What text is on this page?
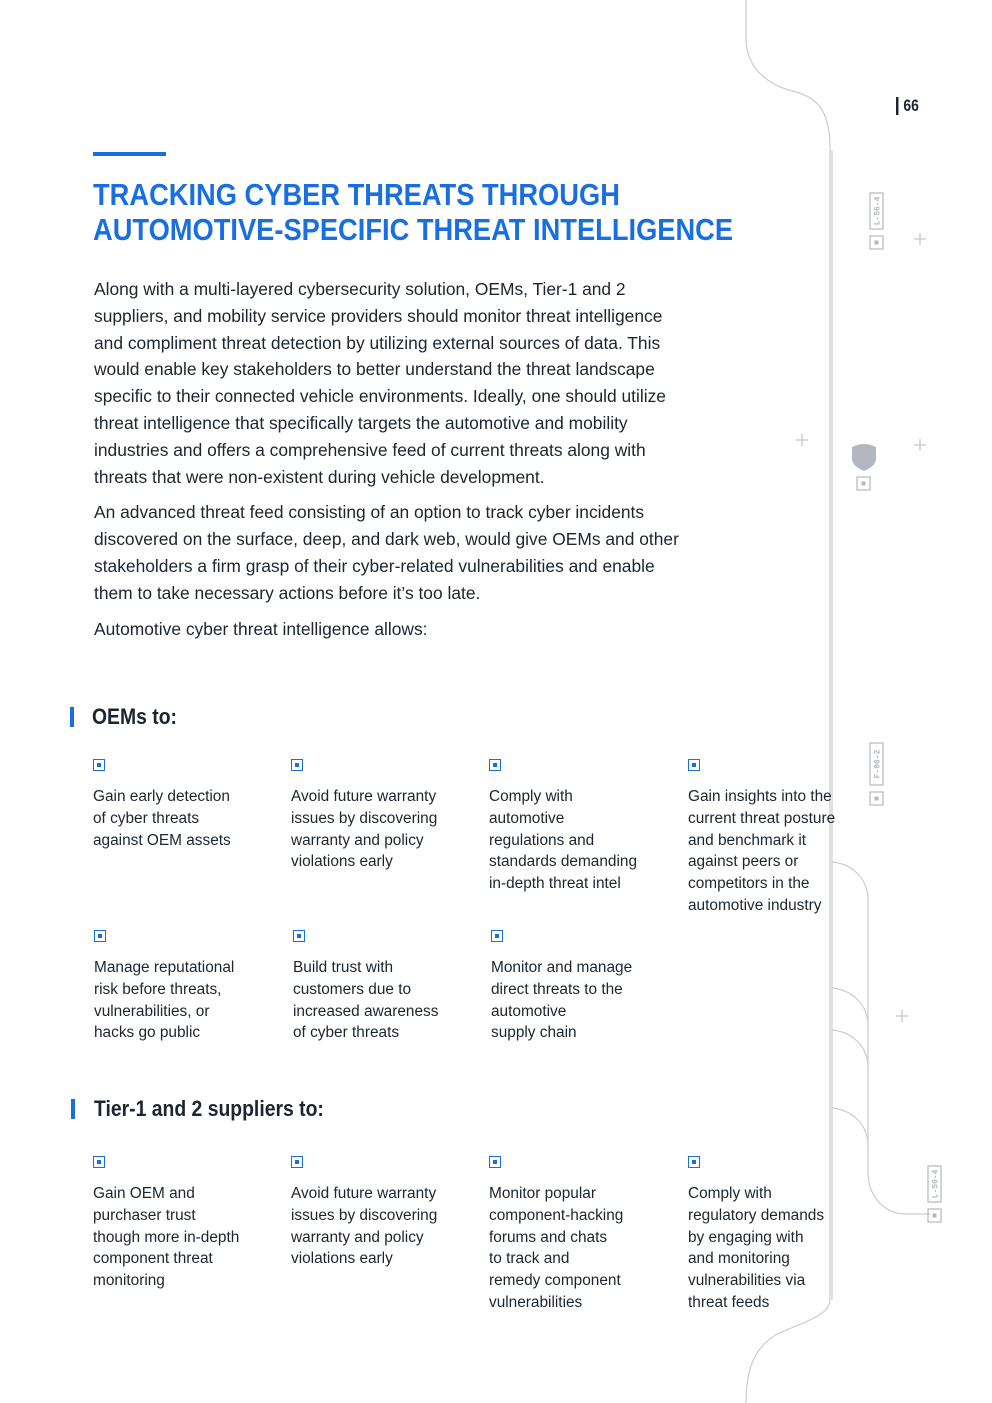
L-56-4
F-06-2
L-56-4
66
TRACKING CYBER THREATS THROUGH
AUTOMOTIVE-SPECIFIC THREAT INTELLIGENCE

Along with a multi-layered cybersecurity solution, OEMs, Tier-1 and 2 suppliers, and mobility service providers should monitor threat intelligence and compliment threat detection by utilizing external sources of data. This would enable key stakeholders to better understand the threat landscape specific to their connected vehicle environments. Ideally, one should utilize threat intelligence that specifically targets the automotive and mobility industries and offers a comprehensive feed of current threats along with threats that were non-existent during vehicle development.

An advanced threat feed consisting of an option to track cyber incidents discovered on the surface, deep, and dark web, would give OEMs and other stakeholders a firm grasp of their cyber-related vulnerabilities and enable them to take necessary actions before it’s too late.

Automotive cyber threat intelligence allows:

OEMs to:
Gain early detection
of cyber threats
against OEM assets
Avoid future warranty
issues by discovering
warranty and policy
violations early
Comply with
automotive
regulations and
standards demanding
in-depth threat intel
Gain insights into the
current threat posture
and benchmark it
against peers or
competitors in the
automotive industry
Manage reputational
risk before threats,
vulnerabilities, or
hacks go public
Build trust with
customers due to
increased awareness
of cyber threats
Monitor and manage
direct threats to the
automotive
supply chain
Tier-1 and 2 suppliers to:
Gain OEM and
purchaser trust
though more in-depth
component threat
monitoring
Avoid future warranty
issues by discovering
warranty and policy
violations early
Monitor popular
component-hacking
forums and chats
to track and
remedy component
vulnerabilities
Comply with
regulatory demands
by engaging with
and monitoring
vulnerabilities via
threat feeds
